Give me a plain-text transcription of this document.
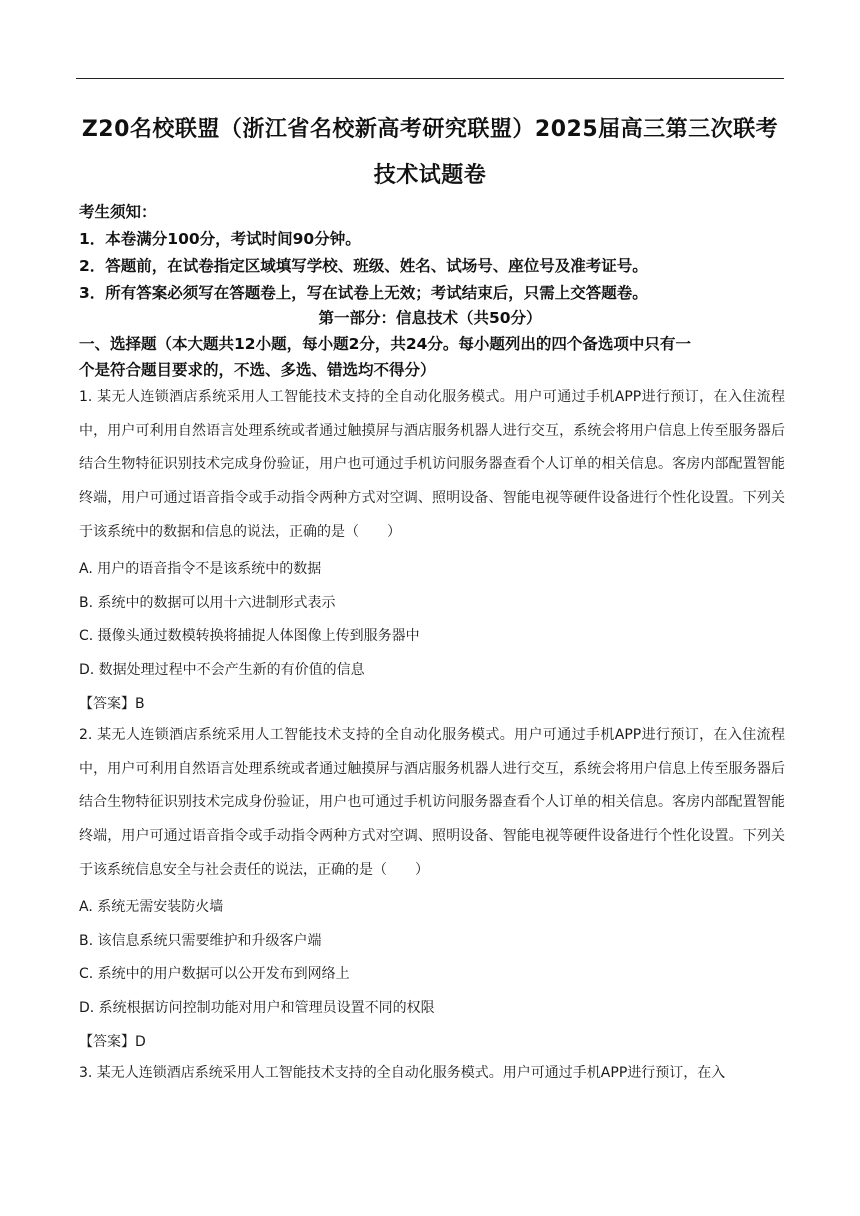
Z20名校联盟（浙江省名校新高考研究联盟）2025届高三第三次联考
技术试题卷
考生须知：
1．本卷满分100分，考试时间90分钟。
2．答题前，在试卷指定区域填写学校、班级、姓名、试场号、座位号及准考证号。
3．所有答案必须写在答题卷上，写在试卷上无效；考试结束后，只需上交答题卷。
第一部分：信息技术（共50分）
一、选择题（本大题共12小题，每小题2分，共24分。每小题列出的四个备选项中只有一
个是符合题目要求的，不选、多选、错选均不得分）
1. 某无人连锁酒店系统采用人工智能技术支持的全自动化服务模式。用户可通过手机APP进行预订，在入住流程中，用户可利用自然语言处理系统或者通过触摸屏与酒店服务机器人进行交互，系统会将用户信息上传至服务器后结合生物特征识别技术完成身份验证，用户也可通过手机访问服务器查看个人订单的相关信息。客房内部配置智能终端，用户可通过语音指令或手动指令两种方式对空调、照明设备、智能电视等硬件设备进行个性化设置。下列关于该系统中的数据和信息的说法，正确的是（　　）
A. 用户的语音指令不是该系统中的数据
B. 系统中的数据可以用十六进制形式表示
C. 摄像头通过数模转换将捕捉人体图像上传到服务器中
D. 数据处理过程中不会产生新的有价值的信息
【答案】B
2. 某无人连锁酒店系统采用人工智能技术支持的全自动化服务模式。用户可通过手机APP进行预订，在入住流程中，用户可利用自然语言处理系统或者通过触摸屏与酒店服务机器人进行交互，系统会将用户信息上传至服务器后结合生物特征识别技术完成身份验证，用户也可通过手机访问服务器查看个人订单的相关信息。客房内部配置智能终端，用户可通过语音指令或手动指令两种方式对空调、照明设备、智能电视等硬件设备进行个性化设置。下列关于该系统信息安全与社会责任的说法，正确的是（　　）
A. 系统无需安装防火墙
B. 该信息系统只需要维护和升级客户端
C. 系统中的用户数据可以公开发布到网络上
D. 系统根据访问控制功能对用户和管理员设置不同的权限
【答案】D
3. 某无人连锁酒店系统采用人工智能技术支持的全自动化服务模式。用户可通过手机APP进行预订，在入
